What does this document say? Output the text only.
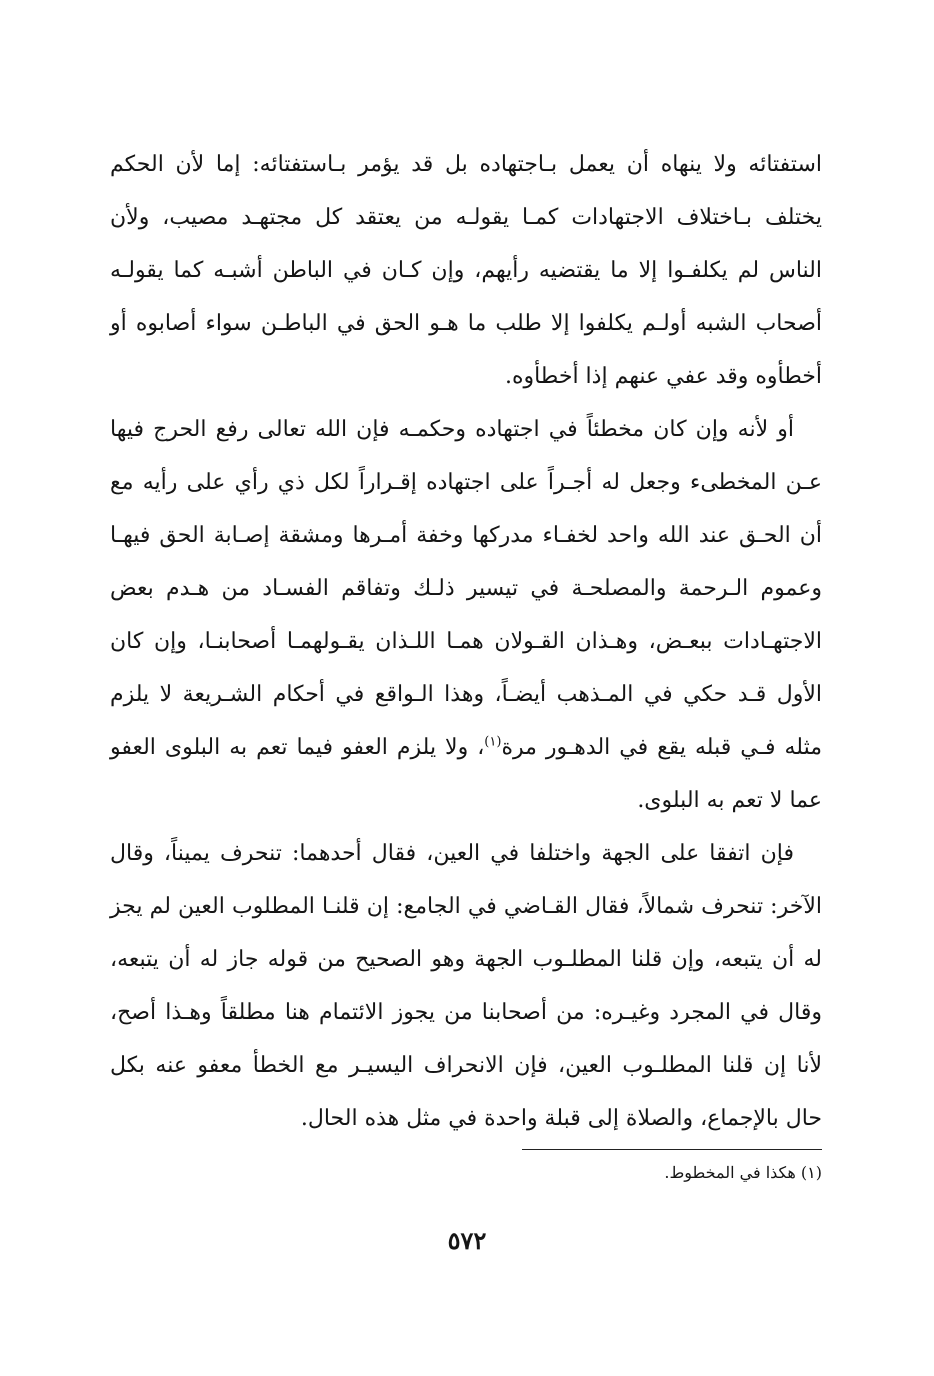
استفتائه ولا ينهاه أن يعمل بـاجتهاده بل قد يؤمر بـاستفتائه: إما لأن الحكم يختلف بـاختلاف الاجتهادات كمـا يقولـه من يعتقد كل مجتهـد مصيب، ولأن الناس لم يكلفـوا إلا ما يقتضيه رأيهم، وإن كـان في الباطن أشبـه كما يقولـه أصحاب الشبه أولـم يكلفوا إلا طلب ما هـو الحق في الباطـن سواء أصابوه أو أخطأوه وقد عفي عنهم إذا أخطأوه.

أو لأنه وإن كان مخطئاً في اجتهاده وحكمـه فإن الله تعالى رفع الحرج فيها عـن المخطىء وجعل له أجـراً على اجتهاده إقـراراً لكل ذي رأي على رأيه مع أن الحـق عند الله واحد لخفـاء مدركها وخفة أمـرها ومشقة إصـابة الحق فيهـا وعموم الـرحمة والمصلحـة في تيسير ذلـك وتفاقم الفسـاد من هـدم بعض الاجتهـادات ببعـض، وهـذان القـولان همـا اللـذان يقـولهمـا أصحابنـا، وإن كان الأول قـد حكي في المـذهب أيضـاً، وهذا الـواقع في أحكام الشـريعة لا يلزم مثله فـي قبله يقع في الدهـور مرة$^{(١)}$، ولا يلزم العفو فيما تعم به البلوى العفو عما لا تعم به البلوى.

فإن اتفقا على الجهة واختلفا في العين، فقال أحدهما: تنحرف يميناً، وقال الآخر: تنحرف شمالاً، فقال القـاضي في الجامع: إن قلنـا المطلوب العين لم يجز له أن يتبعه، وإن قلنا المطلـوب الجهة وهو الصحيح من قوله جاز له أن يتبعه، وقال في المجرد وغيـره: من أصحابنا من يجوز الائتمام هنا مطلقاً وهـذا أصح، لأنا إن قلنا المطلـوب العين، فإن الانحراف اليسيـر مع الخطأ معفو عنه بكل حال بالإجماع، والصلاة إلى قبلة واحدة في مثل هذه الحال.

(١) هكذا في المخطوط.
٥٧٢
